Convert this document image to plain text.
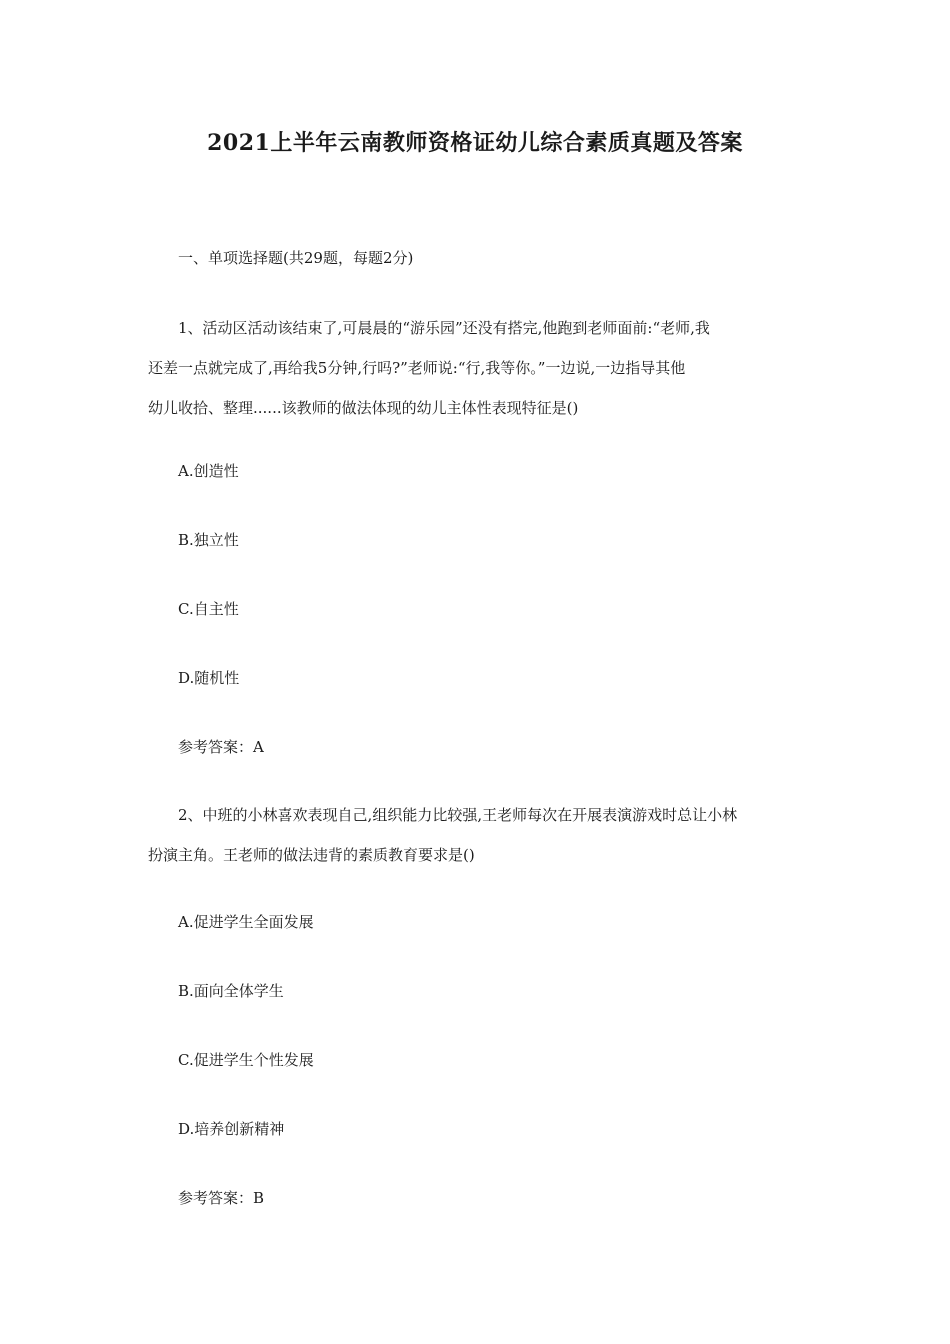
2021上半年云南教师资格证幼儿综合素质真题及答案
一、单项选择题(共29题，每题2分)
1、活动区活动该结束了,可晨晨的“游乐园”还没有搭完,他跑到老师面前:“老师,我
还差一点就完成了,再给我5分钟,行吗?”老师说:“行,我等你。”一边说,一边指导其他
幼儿收拾、整理......该教师的做法体现的幼儿主体性表现特征是()
A.创造性
B.独立性
C.自主性
D.随机性
参考答案：A
2、中班的小林喜欢表现自己,组织能力比较强,王老师每次在开展表演游戏时总让小林
扮演主角。王老师的做法违背的素质教育要求是()
A.促进学生全面发展
B.面向全体学生
C.促进学生个性发展
D.培养创新精神
参考答案：B
